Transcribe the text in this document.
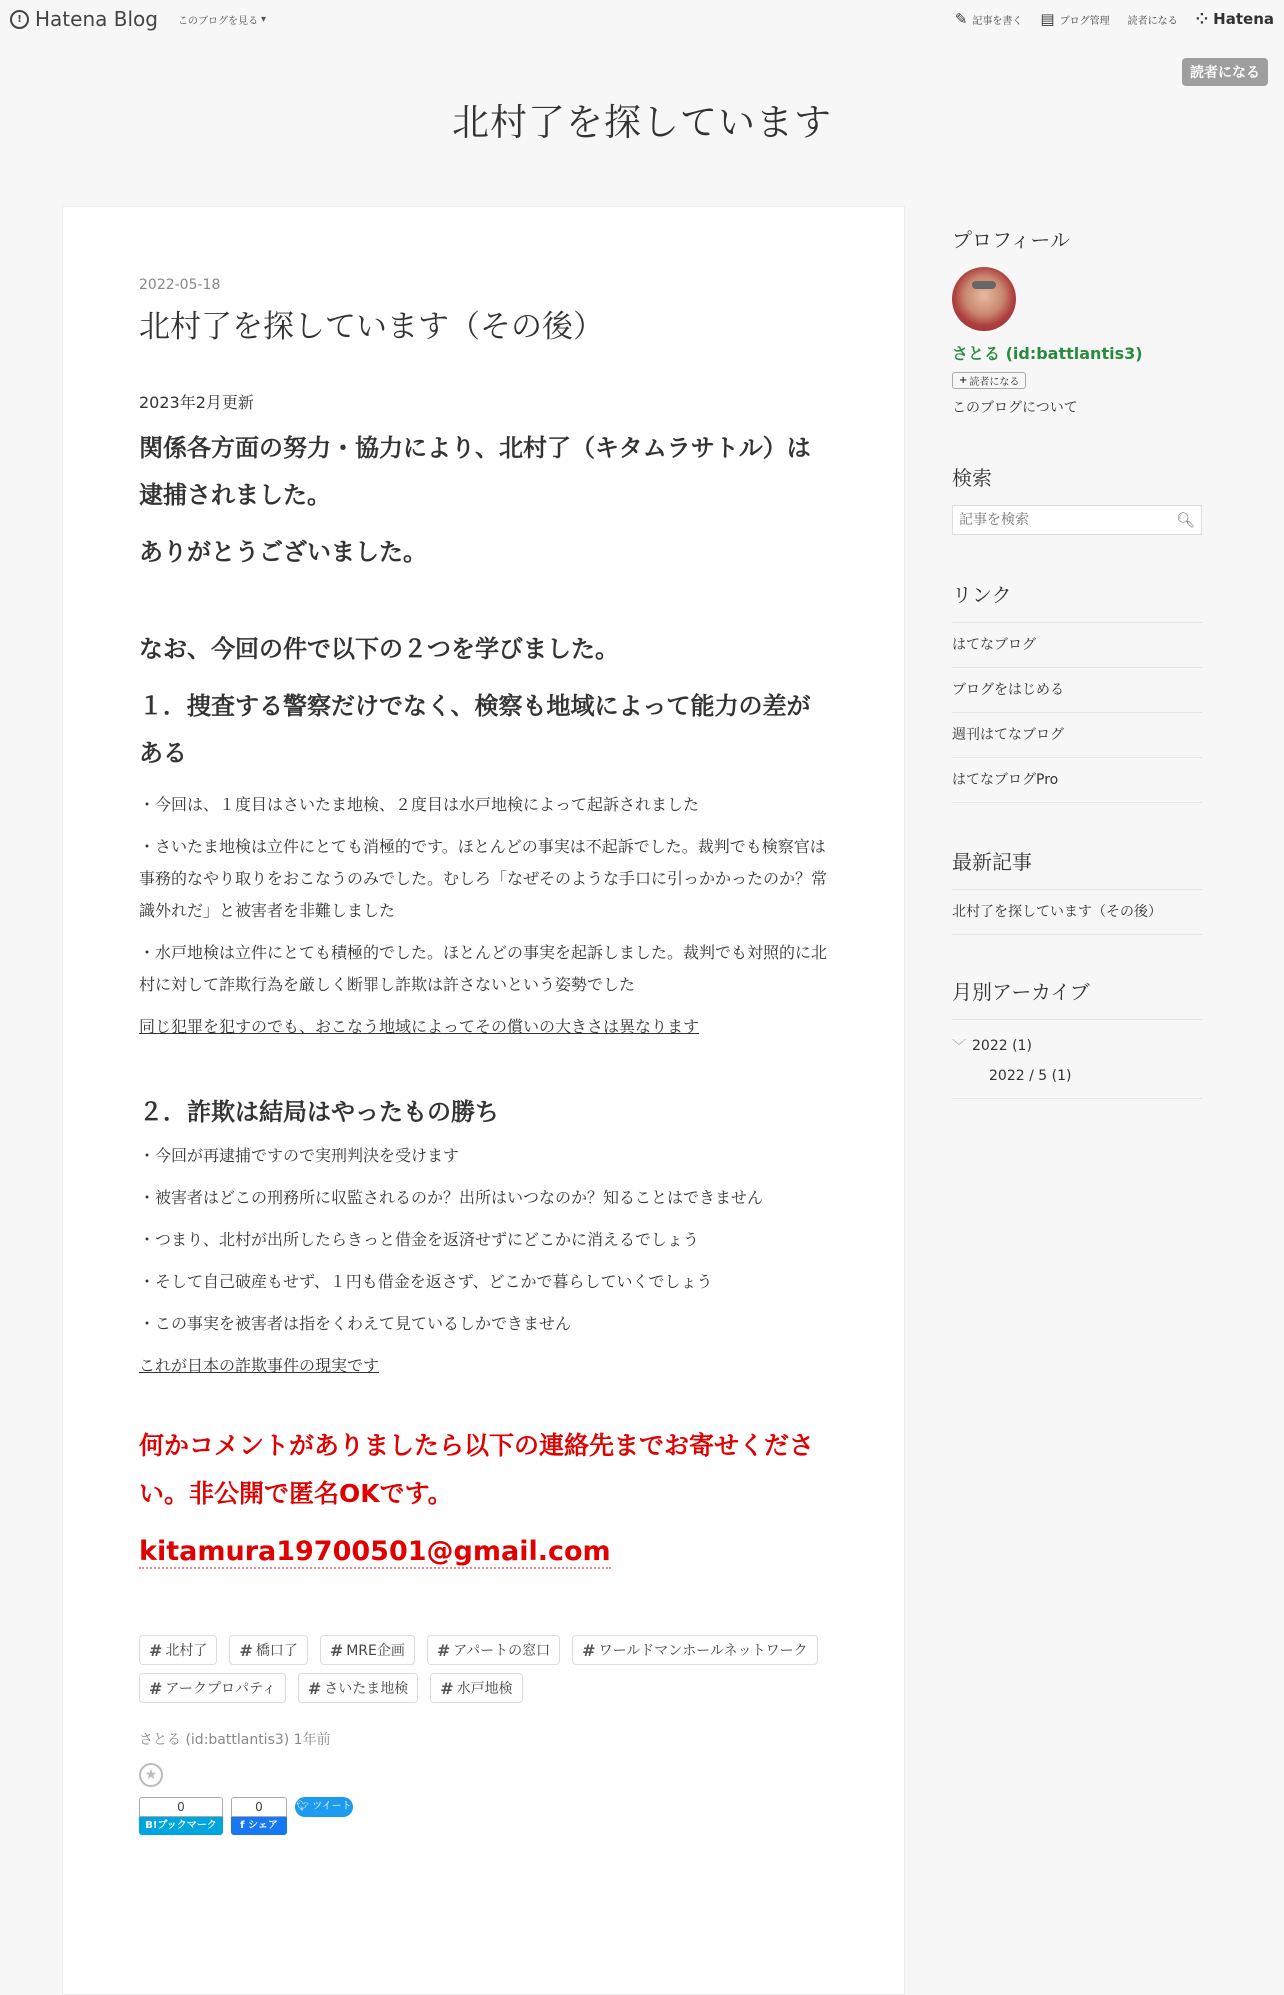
! Hatena Blog このブログを見る ▾	✎ 記事を書く ▤ ブログ管理 読者になる ⁘ Hatena
読者になる
北村了を探しています
2022-05-18
北村了を探しています（その後）

2023年2月更新

関係各方面の努力・協力により、北村了（キタムラサトル）は逮捕されました。

ありがとうございました。

なお、今回の件で以下の２つを学びました。

１．捜査する警察だけでなく、検察も地域によって能力の差がある

・今回は、１度目はさいたま地検、２度目は水戸地検によって起訴されました

・さいたま地検は立件にとても消極的です。ほとんどの事実は不起訴でした。裁判でも検察官は事務的なやり取りをおこなうのみでした。むしろ「なぜそのような手口に引っかかったのか？常識外れだ」と被害者を非難しました

・水戸地検は立件にとても積極的でした。ほとんどの事実を起訴しました。裁判でも対照的に北村に対して詐欺行為を厳しく断罪し詐欺は許さないという姿勢でした

同じ犯罪を犯すのでも、おこなう地域によってその償いの大きさは異なります

２．詐欺は結局はやったもの勝ち

・今回が再逮捕ですので実刑判決を受けます

・被害者はどこの刑務所に収監されるのか？出所はいつなのか？知ることはできません

・つまり、北村が出所したらきっと借金を返済せずにどこかに消えるでしょう

・そして自己破産もせず、１円も借金を返さず、どこかで暮らしていくでしょう

・この事実を被害者は指をくわえて見ているしかできません

これが日本の詐欺事件の現実です

何かコメントがありましたら以下の連絡先までお寄せください。非公開で匿名OKです。

kitamura19700501@gmail.com

# 北村了 # 橋口了 # MRE企画 # アパートの窓口 # ワールドマンホールネットワーク
# アークプロパティ # さいたま地検 # 水戸地検
さとる (id:battlantis3) 1年前
★
0
B!ブックマーク
0
f シェア
🐦︎ ツイート
プロフィール
さとる (id:battlantis3)
+ 読者になる
このブログについて
検索
記事を検索
🔍︎
リンク
はてなブログ
ブログをはじめる
週刊はてなブログ
はてなブログPro
最新記事
北村了を探しています（その後）
月別アーカイブ
﹀ 2022 (1)
2022 / 5 (1)
